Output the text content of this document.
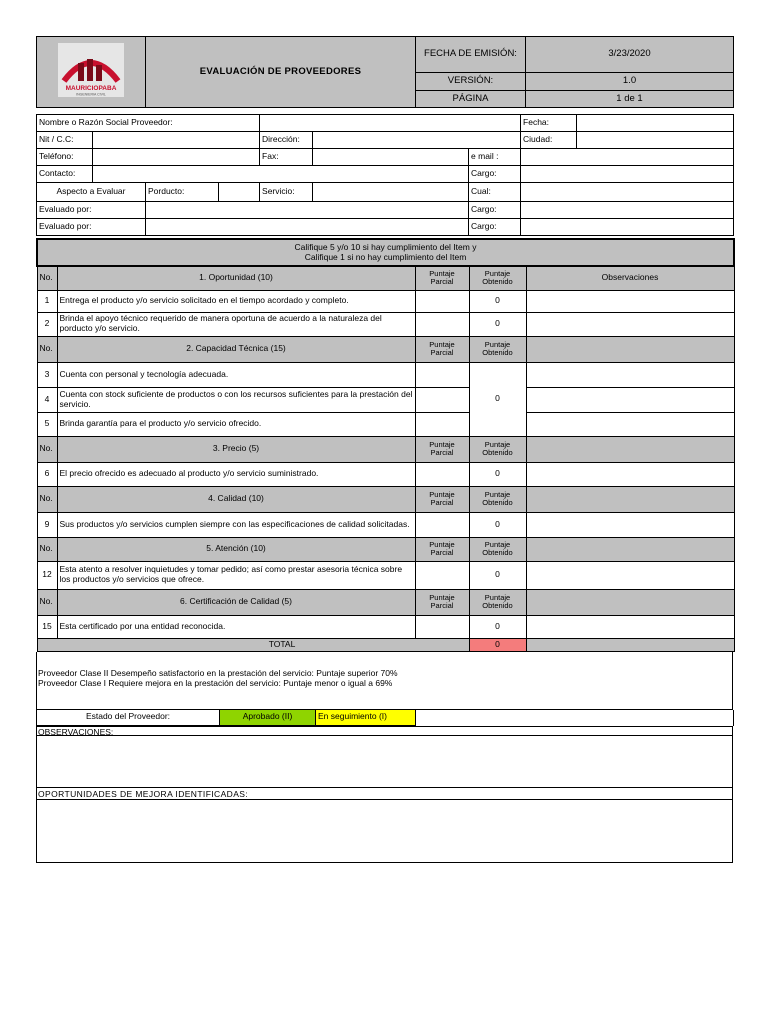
MAURICIOPABA
INGENIERIA CIVIL	EVALUACIÓN DE PROVEEDORES	FECHA DE EMISIÓN:	3/23/2020
		VERSIÓN:	1.0
		PÁGINA	1 de 1
Nombre o Razón Social Proveedor:							Fecha:	
Nit / C.C:				Dirección:			Ciudad:	
Teléfono:				Fax:		e mail :		
Contacto:						Cargo:		
Aspecto a Evaluar		Porducto:		Servicio:		Cual:		
Evaluado por:						Cargo:		
Evaluado por:						Cargo:		
Califique 5 y/o 10 si hay cumplimiento del Item y
Califique 1 si no hay cumplimiento del Item				

No.	1. Oportunidad (10)	Puntaje Parcial	Puntaje Obtenido	Observaciones
1	Entrega el producto y/o servicio solicitado en el tiempo acordado y completo.		0	
2	Brinda el apoyo técnico requerido de manera oportuna de acuerdo a la naturaleza del porducto y/o servicio.		0	
No.	2. Capacidad Técnica (15)	Puntaje Parcial	Puntaje Obtenido	
3	Cuenta con personal y tecnología adecuada.		0	
4	Cuenta con stock suficiente de productos o con los recursos suficientes para la prestación del servicio.			
5	Brinda garantía para el producto y/o servicio ofrecido.			
No.	3. Precio (5)	Puntaje Parcial	Puntaje Obtenido	
6	El precio ofrecido es adecuado al producto y/o servicio suministrado.		0	
No.	4. Calidad (10)	Puntaje Parcial	Puntaje Obtenido	
9	Sus productos y/o servicios cumplen siempre con las especificaciones de calidad solicitadas.		0	
No.	5. Atención (10)	Puntaje Parcial	Puntaje Obtenido	
12	Esta atento a resolver inquietudes y tomar pedido; así como prestar asesoria técnica sobre los productos y/o servicios que ofrece.		0	
No.	6. Certificación de Calidad (5)	Puntaje Parcial	Puntaje Obtenido	
15	Esta certificado por una entidad reconocida.		0	
TOTAL			0	
Proveedor Clase II Desempeño satisfactorio en la prestación del servicio: Puntaje superior 70%
Proveedor Clase I Requiere mejora en la prestación del servicio: Puntaje menor o igual a 69%
Estado del Proveedor:	Aprobado (II)	En seguimiento (I)	
OBSERVACIONES:
OPORTUNIDADES DE MEJORA IDENTIFICADAS:
